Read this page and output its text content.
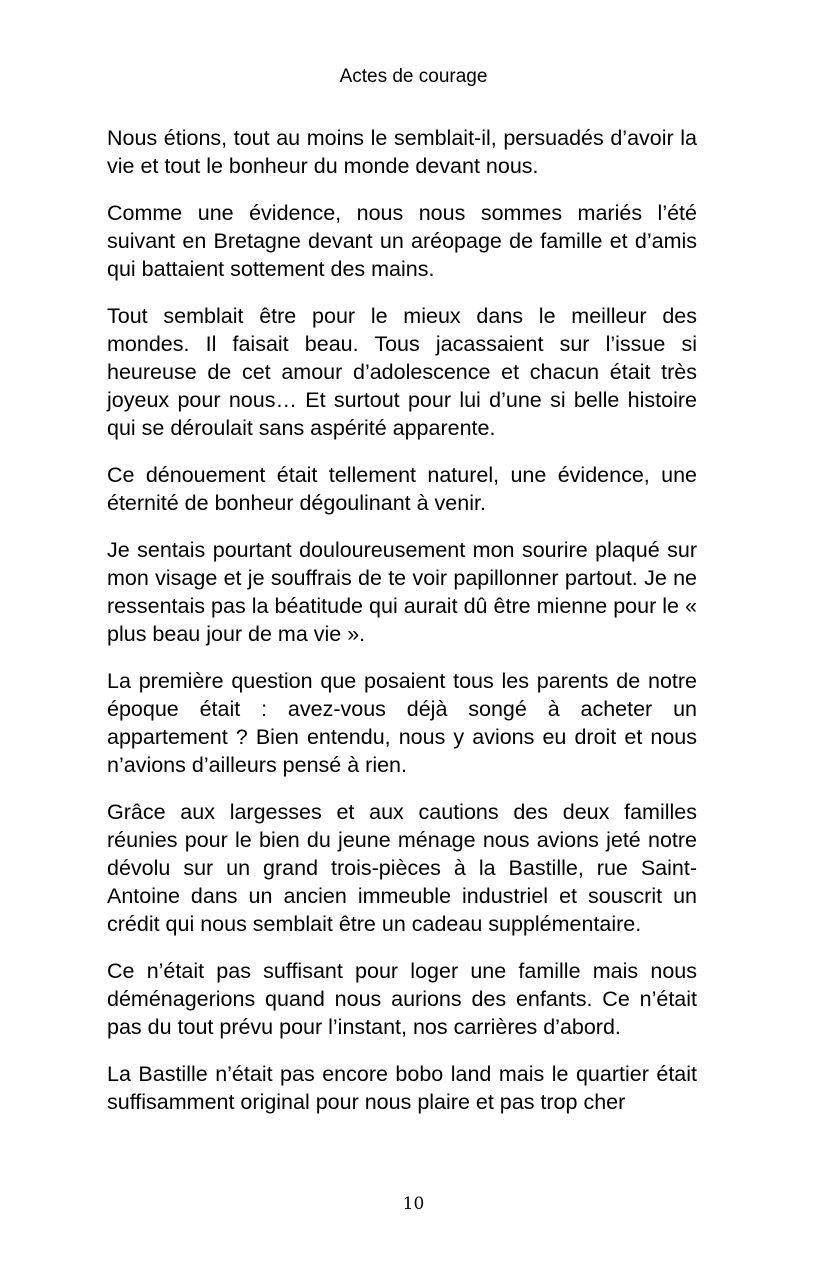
Actes de courage

Nous étions, tout au moins le semblait-il, persuadés d’avoir la vie et tout le bonheur du monde devant nous.

Comme une évidence, nous nous sommes mariés l’été suivant en Bretagne devant un aréopage de famille et d’amis qui battaient sottement des mains.

Tout semblait être pour le mieux dans le meilleur des mondes. Il faisait beau. Tous jacassaient sur l’issue si heureuse de cet amour d’adolescence et chacun était très joyeux pour nous… Et surtout pour lui d’une si belle histoire qui se déroulait sans aspérité apparente.

Ce dénouement était tellement naturel, une évidence, une éternité de bonheur dégoulinant à venir.

Je sentais pourtant douloureusement mon sourire plaqué sur mon visage et je souffrais de te voir papillonner partout. Je ne ressentais pas la béatitude qui aurait dû être mienne pour le « plus beau jour de ma vie ».

La première question que posaient tous les parents de notre époque était : avez-vous déjà songé à acheter un appartement ? Bien entendu, nous y avions eu droit et nous n’avions d’ailleurs pensé à rien.

Grâce aux largesses et aux cautions des deux familles réunies pour le bien du jeune ménage nous avions jeté notre dévolu sur un grand trois-pièces à la Bastille, rue Saint-Antoine dans un ancien immeuble industriel et souscrit un crédit qui nous semblait être un cadeau supplémentaire.

Ce n’était pas suffisant pour loger une famille mais nous déménagerions quand nous aurions des enfants. Ce n’était pas du tout prévu pour l’instant, nos carrières d’abord.

La Bastille n’était pas encore bobo land mais le quartier était suffisamment original pour nous plaire et pas trop cher

10
